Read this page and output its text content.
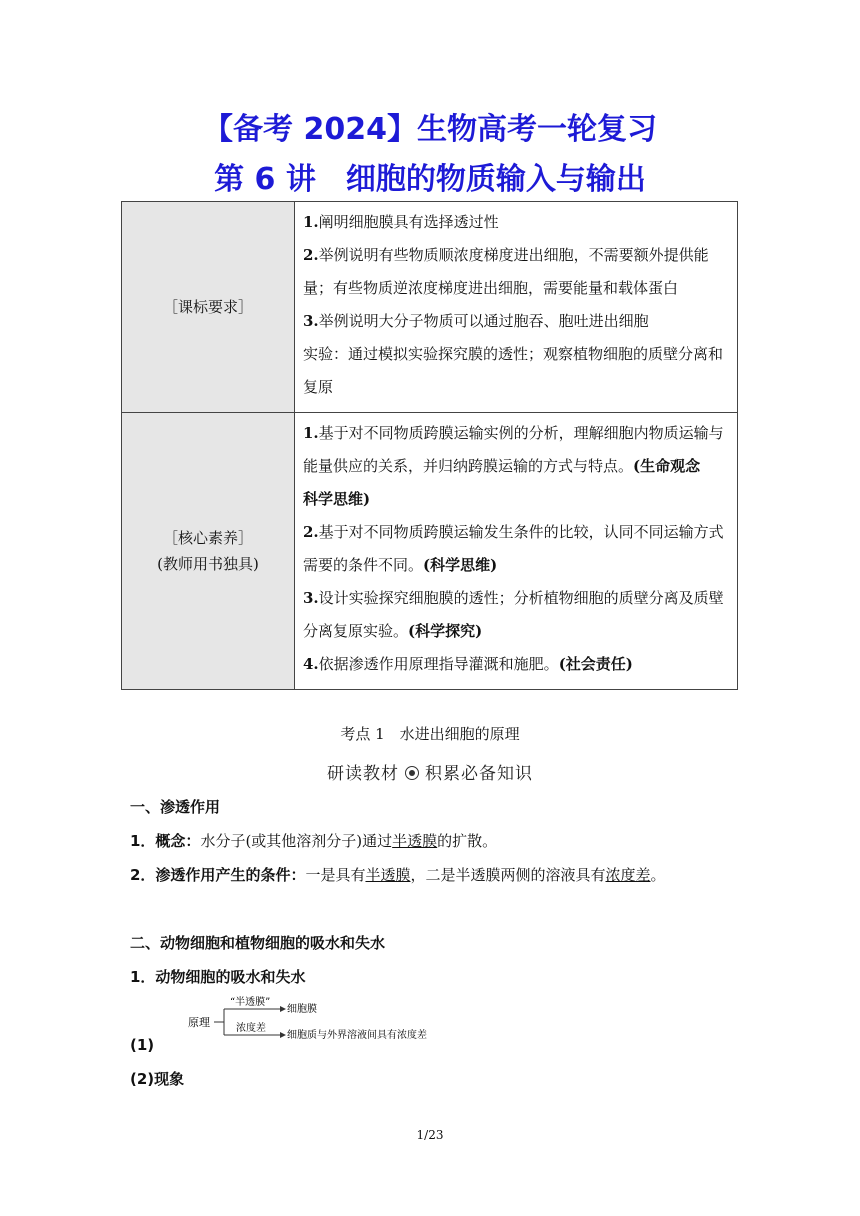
【备考 2024】生物高考一轮复习
第 6 讲　细胞的物质输入与输出
［课标要求］	1.阐明细胞膜具有选择透过性
2.举例说明有些物质顺浓度梯度进出细胞，不需要额外提供能量；有些物质逆浓度梯度进出细胞，需要能量和载体蛋白
3.举例说明大分子物质可以通过胞吞、胞吐进出细胞
实验：通过模拟实验探究膜的透性；观察植物细胞的质壁分离和复原

［核心素养］
(教师用书独具)	1.基于对不同物质跨膜运输实例的分析，理解细胞内物质运输与能量供应的关系，并归纳跨膜运输的方式与特点。(生命观念　科学思维)
2.基于对不同物质跨膜运输发生条件的比较，认同不同运输方式需要的条件不同。(科学思维)
3.设计实验探究细胞膜的透性；分析植物细胞的质壁分离及质壁分离复原实验。(科学探究)
4.依据渗透作用原理指导灌溉和施肥。(社会责任)
考点 1　水进出细胞的原理
研读教材 积累必备知识
一、渗透作用
1．概念：水分子(或其他溶剂分子)通过半透膜的扩散。
2．渗透作用产生的条件：一是具有半透膜，二是半透膜两侧的溶液具有浓度差。
二、动物细胞和植物细胞的吸水和失水
1．动物细胞的吸水和失水
原理
“半透膜”
细胞膜
浓度差
细胞质与外界溶液间具有浓度差
(1)
(2)现象
1/23
